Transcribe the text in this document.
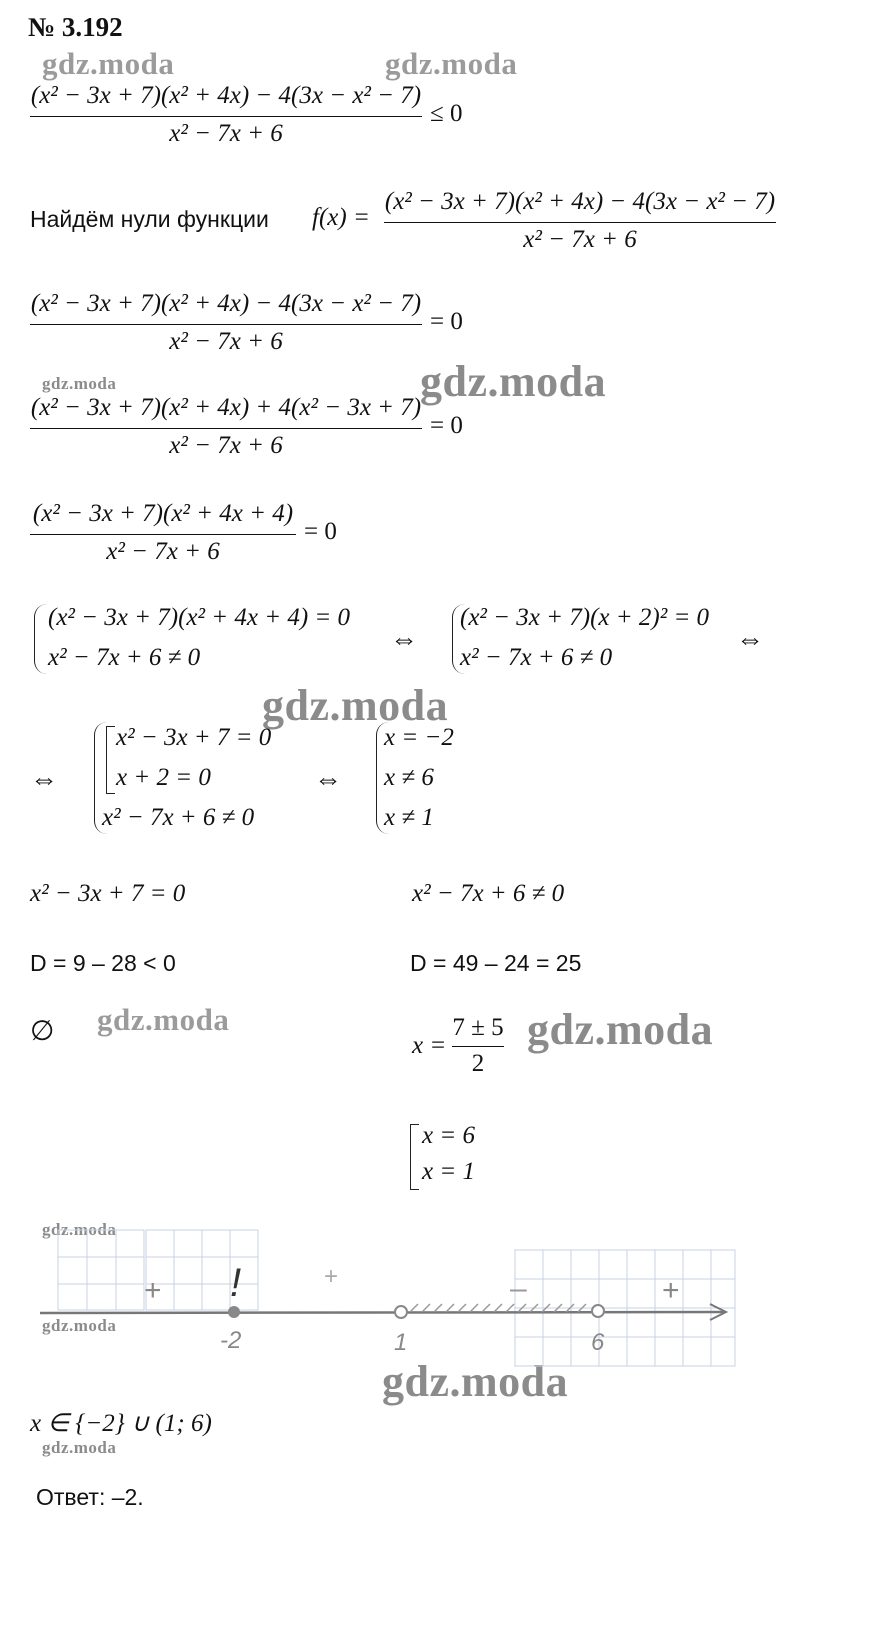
№ 3.192
gdz.moda	gdz.moda
gdz.moda	gdz.moda
gdz.moda
gdz.moda	gdz.moda
gdz.moda
gdz.moda
gdz.moda
gdz.moda
(x² − 3x + 7)(x² + 4x) − 4(3x − x² − 7)
x² − 7x + 6
≤ 0
Найдём нули функции f(x) =
(x² − 3x + 7)(x² + 4x) − 4(3x − x² − 7)
x² − 7x + 6
(x² − 3x + 7)(x² + 4x) − 4(3x − x² − 7)
x² − 7x + 6
= 0
(x² − 3x + 7)(x² + 4x) + 4(x² − 3x + 7)
x² − 7x + 6
= 0
(x² − 3x + 7)(x² + 4x + 4)
x² − 7x + 6
= 0
(x² − 3x + 7)(x² + 4x + 4) = 0
x² − 7x + 6 ≠ 0
⇔
(x² − 3x + 7)(x + 2)² = 0
x² − 7x + 6 ≠ 0
⇔
⇔
x² − 3x + 7 = 0
x + 2 = 0
x² − 7x + 6 ≠ 0
⇔
x = −2
x ≠ 6
x ≠ 1
x² − 3x + 7 = 0
D = 9 – 28 < 0
∅
x² − 7x + 6 ≠ 0
D = 49 – 24 = 25
x =
7 ± 5
2
x = 6
x = 1
!
+	+	–	+
-2	1	6
x ∈ {−2} ∪ (1; 6)
Ответ: –2.
